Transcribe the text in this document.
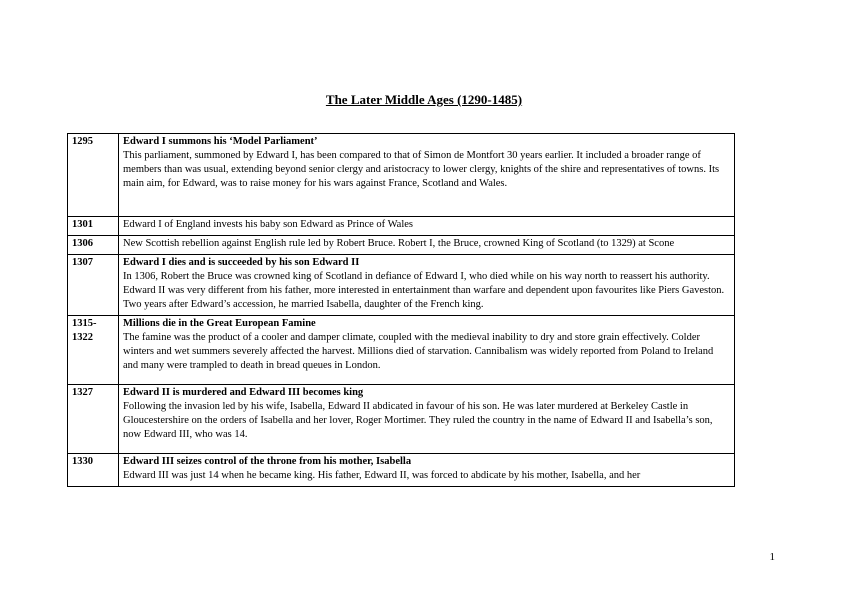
The Later Middle Ages (1290-1485)
1295	Edward I summons his ‘Model Parliament’
This parliament, summoned by Edward I, has been compared to that of Simon de Montfort 30 years earlier. It included a broader range of members than was usual, extending beyond senior clergy and aristocracy to lower clergy, knights of the shire and representatives of towns. Its main aim, for Edward, was to raise money for his wars against France, Scotland and Wales.

1301	Edward I of England invests his baby son Edward as Prince of Wales

1306	New Scottish rebellion against English rule led by Robert Bruce. Robert I, the Bruce, crowned King of Scotland (to 1329) at Scone

1307	Edward I dies and is succeeded by his son Edward II
In 1306, Robert the Bruce was crowned king of Scotland in defiance of Edward I, who died while on his way north to reassert his authority. Edward II was very different from his father, more interested in entertainment than warfare and dependent upon favourites like Piers Gaveston. Two years after Edward’s accession, he married Isabella, daughter of the French king.

1315-1322	Millions die in the Great European Famine
The famine was the product of a cooler and damper climate, coupled with the medieval inability to dry and store grain effectively. Colder winters and wet summers severely affected the harvest. Millions died of starvation. Cannibalism was widely reported from Poland to Ireland and many were trampled to death in bread queues in London.

1327	Edward II is murdered and Edward III becomes king
Following the invasion led by his wife, Isabella, Edward II abdicated in favour of his son. He was later murdered at Berkeley Castle in Gloucestershire on the orders of Isabella and her lover, Roger Mortimer. They ruled the country in the name of Edward II and Isabella’s son, now Edward III, who was 14.

1330	Edward III seizes control of the throne from his mother, Isabella
Edward III was just 14 when he became king. His father, Edward II, was forced to abdicate by his mother, Isabella, and her
1
